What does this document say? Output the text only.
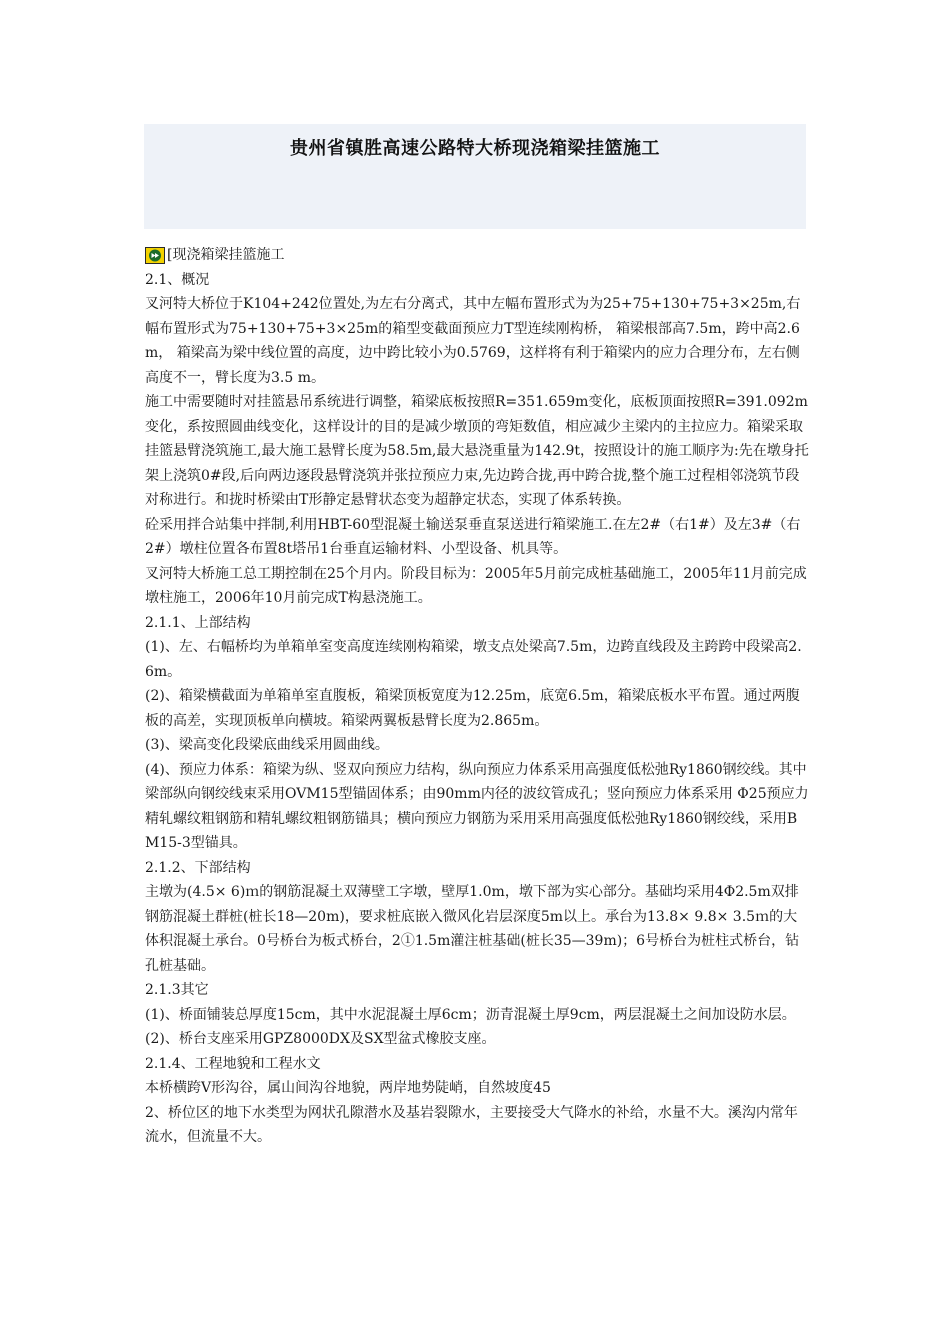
贵州省镇胜高速公路特大桥现浇箱梁挂篮施工
[现浇箱梁挂篮施工

2.1、概况

叉河特大桥位于K104+242位置处,为左右分离式，其中左幅布置形式为为25+75+130+75+3×25m,右幅布置形式为75+130+75+3×25m的箱型变截面预应力T型连续刚构桥， 箱梁根部高7.5m，跨中高2.6m， 箱梁高为梁中线位置的高度，边中跨比较小为0.5769，这样将有利于箱梁内的应力合理分布，左右侧高度不一，臂长度为3.5 m。

施工中需要随时对挂篮悬吊系统进行调整，箱梁底板按照R=351.659m变化，底板顶面按照R=391.092m变化，系按照圆曲线变化，这样设计的目的是减少墩顶的弯矩数值，相应减少主梁内的主拉应力。箱梁采取挂篮悬臂浇筑施工,最大施工悬臂长度为58.5m,最大悬浇重量为142.9t，按照设计的施工顺序为:先在墩身托架上浇筑0#段,后向两边逐段悬臂浇筑并张拉预应力束,先边跨合拢,再中跨合拢,整个施工过程相邻浇筑节段对称进行。和拢时桥梁由T形静定悬臂状态变为超静定状态，实现了体系转换。

砼采用拌合站集中拌制,利用HBT-60型混凝土输送泵垂直泵送进行箱梁施工.在左2#（右1#）及左3#（右2#）墩柱位置各布置8t塔吊1台垂直运输材料、小型设备、机具等。

叉河特大桥施工总工期控制在25个月内。阶段目标为：2005年5月前完成桩基础施工，2005年11月前完成墩柱施工，2006年10月前完成T构悬浇施工。

2.1.1、上部结构

(1)、左、右幅桥均为单箱单室变高度连续刚构箱梁，墩支点处梁高7.5m，边跨直线段及主跨跨中段梁高2.6m。

(2)、箱梁横截面为单箱单室直腹板，箱梁顶板宽度为12.25m，底宽6.5m，箱梁底板水平布置。通过两腹板的高差，实现顶板单向横坡。箱梁两翼板悬臂长度为2.865m。

(3)、梁高变化段梁底曲线采用圆曲线。

(4)、预应力体系：箱梁为纵、竖双向预应力结构，纵向预应力体系采用高强度低松弛Ry1860钢绞线。其中梁部纵向钢绞线束采用OVM15型锚固体系；由90mm内径的波纹管成孔；竖向预应力体系采用 Φ25预应力精轧螺纹粗钢筋和精轧螺纹粗钢筋锚具；横向预应力钢筋为采用采用高强度低松弛Ry1860钢绞线，采用BM15-3型锚具。

2.1.2、下部结构

主墩为(4.5× 6)ｍ的钢筋混凝土双薄壁工字墩，壁厚1.0m，墩下部为实心部分。基础均采用4Φ2.5m双排钢筋混凝土群桩(桩长18—20m)，要求桩底嵌入微风化岩层深度5m以上。承台为13.8× 9.8× 3.5ｍ的大体积混凝土承台。0号桥台为板式桥台，2①1.5m灌注桩基础(桩长35—39m)；6号桥台为桩柱式桥台，钻孔桩基础。

2.1.3其它

(1)、桥面铺装总厚度15cm，其中水泥混凝土厚6cm；沥青混凝土厚9cm，两层混凝土之间加设防水层。

(2)、桥台支座采用GPZ8000DX及SX型盆式橡胶支座。

2.1.4、工程地貌和工程水文

本桥横跨V形沟谷，属山间沟谷地貌，两岸地势陡峭，自然坡度45

2、桥位区的地下水类型为网状孔隙潜水及基岩裂隙水，主要接受大气降水的补给，水量不大。溪沟内常年流水，但流量不大。
